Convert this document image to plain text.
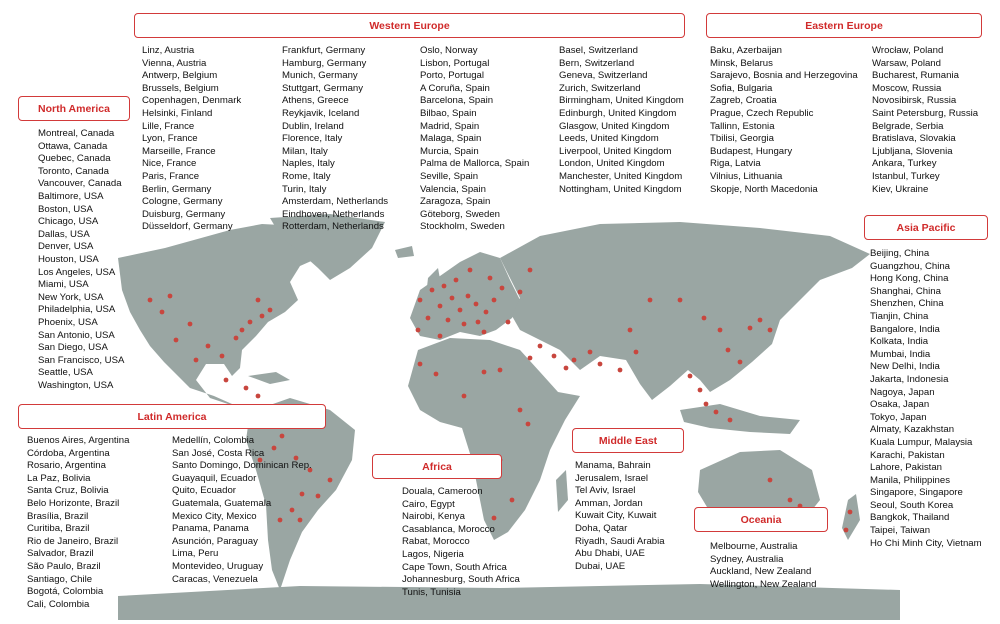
Western Europe
Linz, Austria
Vienna, Austria
Antwerp, Belgium
Brussels, Belgium
Copenhagen, Denmark
Helsinki, Finland
Lille, France
Lyon, France
Marseille, France
Nice, France
Paris, France
Berlin, Germany
Cologne, Germany
Duisburg, Germany
Düsseldorf, Germany
Frankfurt, Germany
Hamburg, Germany
Munich, Germany
Stuttgart, Germany
Athens, Greece
Reykjavik, Iceland
Dublin, Ireland
Florence, Italy
Milan, Italy
Naples, Italy
Rome, Italy
Turin, Italy
Amsterdam, Netherlands
Eindhoven, Netherlands
Rotterdam, Netherlands
Oslo, Norway
Lisbon, Portugal
Porto, Portugal
A Coruña, Spain
Barcelona, Spain
Bilbao, Spain
Madrid, Spain
Malaga, Spain
Murcia, Spain
Palma de Mallorca, Spain
Seville, Spain
Valencia, Spain
Zaragoza, Spain
Göteborg, Sweden
Stockholm, Sweden
Basel, Switzerland
Bern, Switzerland
Geneva, Switzerland
Zurich, Switzerland
Birmingham, United Kingdom
Edinburgh, United Kingdom
Glasgow, United Kingdom
Leeds, United Kingdom
Liverpool, United Kingdom
London, United Kingdom
Manchester, United Kingdom
Nottingham, United Kingdom
Eastern Europe
Baku, Azerbaijan
Minsk, Belarus
Sarajevo, Bosnia and Herzegovina
Sofia, Bulgaria
Zagreb, Croatia
Prague, Czech Republic
Tallinn, Estonia
Tbilisi, Georgia
Budapest, Hungary
Riga, Latvia
Vilnius, Lithuania
Skopje, North Macedonia
Wrocław, Poland
Warsaw, Poland
Bucharest, Rumania
Moscow, Russia
Novosibirsk, Russia
Saint Petersburg, Russia
Belgrade, Serbia
Bratislava, Slovakia
Ljubljana, Slovenia
Ankara, Turkey
Istanbul, Turkey
Kiev, Ukraine
North America
Montreal, Canada
Ottawa, Canada
Quebec, Canada
Toronto, Canada
Vancouver, Canada
Baltimore, USA
Boston, USA
Chicago, USA
Dallas, USA
Denver, USA
Houston, USA
Los Angeles, USA
Miami, USA
New York, USA
Philadelphia, USA
Phoenix, USA
San Antonio, USA
San Diego, USA
San Francisco, USA
Seattle, USA
Washington, USA
Latin America
Buenos Aires, Argentina
Córdoba, Argentina
Rosario, Argentina
La Paz, Bolivia
Santa Cruz, Bolivia
Belo Horizonte, Brazil
Brasília, Brazil
Curitiba, Brazil
Rio de Janeiro, Brazil
Salvador, Brazil
São Paulo, Brazil
Santiago, Chile
Bogotá, Colombia
Cali, Colombia
Medellín, Colombia
San José, Costa Rica
Santo Domingo, Dominican Rep.
Guayaquil, Ecuador
Quito, Ecuador
Guatemala, Guatemala
Mexico City, Mexico
Panama, Panama
Asunción, Paraguay
Lima, Peru
Montevideo, Uruguay
Caracas, Venezuela
Africa
Douala, Cameroon
Cairo, Egypt
Nairobi, Kenya
Casablanca, Morocco
Rabat, Morocco
Lagos, Nigeria
Cape Town, South Africa
Johannesburg, South Africa
Tunis, Tunisia
Middle East
Manama, Bahrain
Jerusalem, Israel
Tel Aviv, Israel
Amman, Jordan
Kuwait City, Kuwait
Doha, Qatar
Riyadh, Saudi Arabia
Abu Dhabi, UAE
Dubai, UAE
Oceania
Melbourne, Australia
Sydney, Australia
Auckland, New Zealand
Wellington, New Zealand
Asia Pacific
Beijing, China
Guangzhou, China
Hong Kong, China
Shanghai, China
Shenzhen, China
Tianjin, China
Bangalore, India
Kolkata, India
Mumbai, India
New Delhi, India
Jakarta, Indonesia
Nagoya, Japan
Osaka, Japan
Tokyo, Japan
Almaty, Kazakhstan
Kuala Lumpur, Malaysia
Karachi, Pakistan
Lahore, Pakistan
Manila, Philippines
Singapore, Singapore
Seoul, South Korea
Bangkok, Thailand
Taipei, Taiwan
Ho Chi Minh City, Vietnam
